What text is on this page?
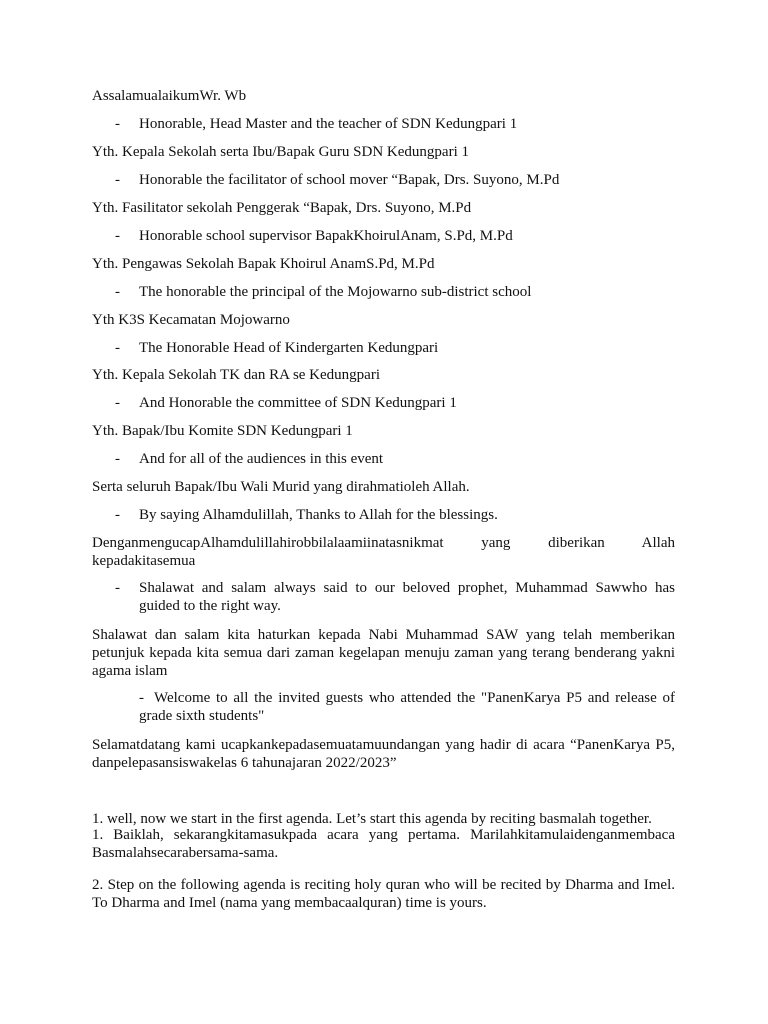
AssalamualaikumWr. Wb
- Honorable, Head Master and the teacher of SDN Kedungpari 1
Yth. Kepala Sekolah serta Ibu/Bapak Guru SDN Kedungpari 1
- Honorable the facilitator of school mover “Bapak, Drs. Suyono, M.Pd
Yth. Fasilitator sekolah Penggerak “Bapak, Drs. Suyono, M.Pd
- Honorable school supervisor BapakKhoirulAnam, S.Pd, M.Pd
Yth. Pengawas Sekolah Bapak Khoirul AnamS.Pd, M.Pd
- The honorable the principal of the Mojowarno sub-district school
Yth K3S Kecamatan Mojowarno
- The Honorable Head of Kindergarten Kedungpari
Yth. Kepala Sekolah TK dan RA se Kedungpari
- And Honorable the committee of SDN Kedungpari 1
Yth. Bapak/Ibu Komite SDN Kedungpari 1
- And for all of the audiences in this event
Serta seluruh Bapak/Ibu Wali Murid yang dirahmatioleh Allah.
- By saying Alhamdulillah, Thanks to Allah for the blessings.
DenganmengucapAlhamdulillahirobbilalaamiinatasnikmat yang diberikan Allah
kepadakitasemua
- Shalawat and salam always said to our beloved prophet, Muhammad Sawwho has guided to the right way.
Shalawat dan salam kita haturkan kepada Nabi Muhammad SAW yang telah memberikan petunjuk kepada kita semua dari zaman kegelapan menuju zaman yang terang benderang yakni agama islam
- Welcome to all the invited guests who attended the "PanenKarya P5 and release of grade sixth students"
Selamatdatang kami ucapkankepadasemuatamuundangan yang hadir di acara “PanenKarya P5, danpelepasansiswakelas 6 tahunajaran 2022/2023”
1. well, now we start in the first agenda. Let’s start this agenda by reciting basmalah together.
1. Baiklah, sekarangkitamasukpada acara yang pertama. Marilahkitamulaidenganmembaca Basmalahsecarabersama-sama.
2. Step on the following agenda is reciting holy quran who will be recited by Dharma and Imel. To Dharma and Imel (nama yang membacaalquran) time is yours.
